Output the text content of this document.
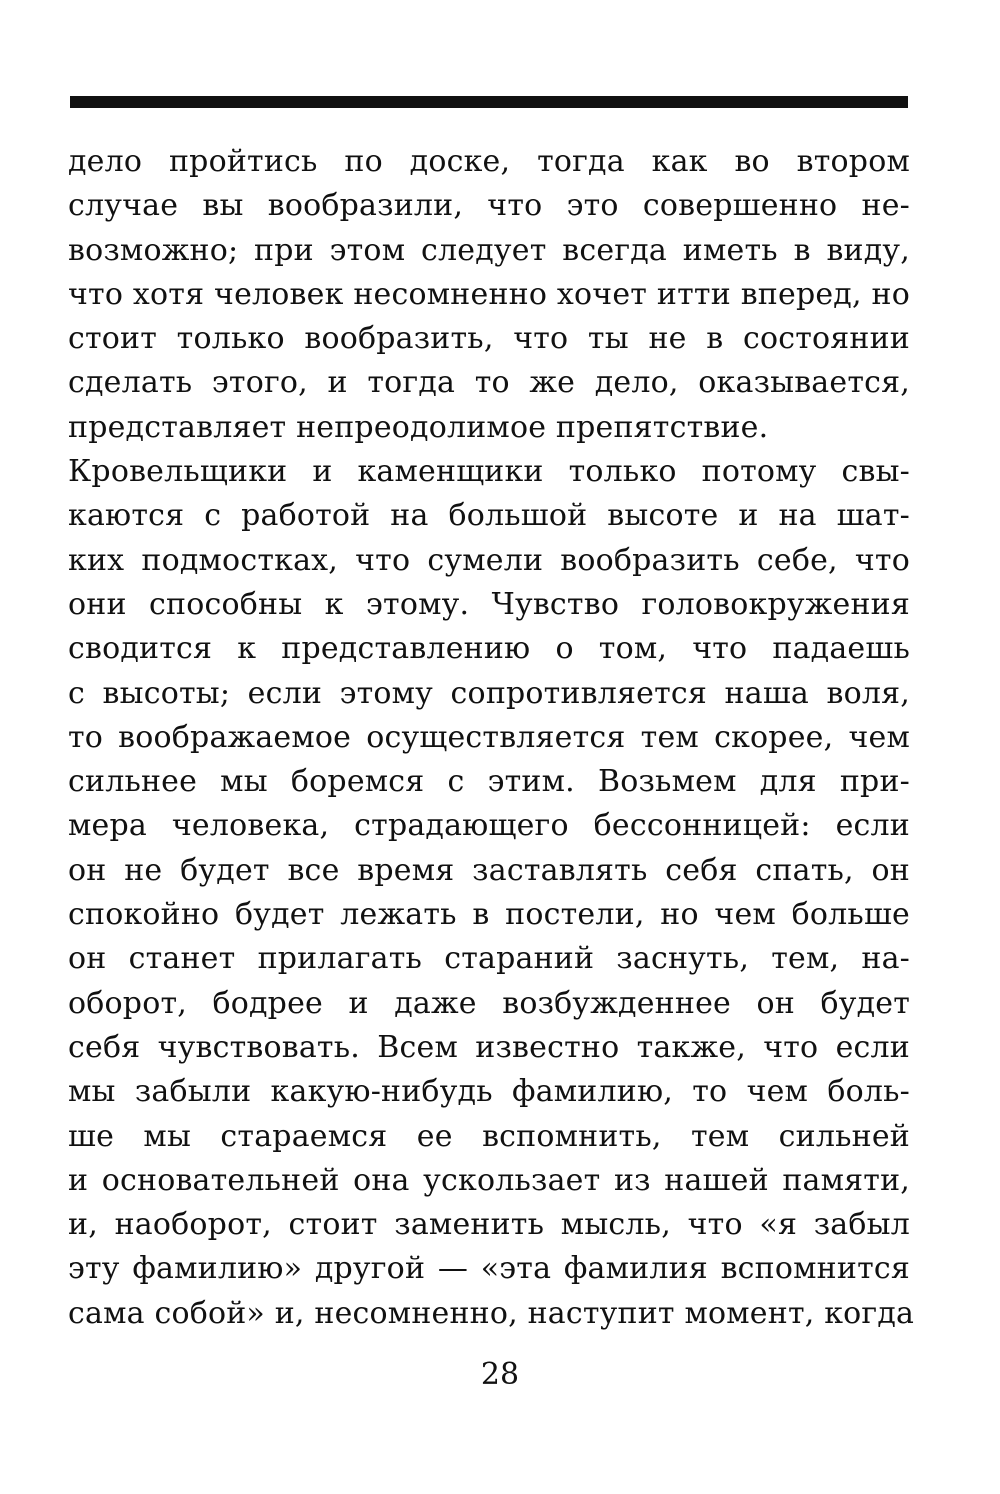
дело пройтись по доске, тогда как во втором
случае вы вообразили, что это совершенно не-
возможно; при этом следует всегда иметь в виду,
что хотя человек несомненно хочет итти вперед, но
стоит только вообразить, что ты не в состоянии
сделать этого, и тогда то же дело, оказывается,
представляет непреодолимое препятствие.
Кровельщики и каменщики только потому свы-
каются с работой на большой высоте и на шат-
ких подмостках, что сумели вообразить себе, что
они способны к этому. Чувство головокружения
сводится к представлению о том, что падаешь
с высоты; если этому сопротивляется наша воля,
то воображаемое осуществляется тем скорее, чем
сильнее мы боремся с этим. Возьмем для при-
мера человека, страдающего бессонницей: если
он не будет все время заставлять себя спать, он
спокойно будет лежать в постели, но чем больше
он станет прилагать стараний заснуть, тем, на-
оборот, бодрее и даже возбужденнее он будет
себя чувствовать. Всем известно также, что если
мы забыли какую-нибудь фамилию, то чем боль-
ше мы стараемся ее вспомнить, тем сильней
и основательней она ускользает из нашей памяти,
и, наоборот, стоит заменить мысль, что «я забыл
эту фамилию» другой — «эта фамилия вспомнится
сама собой» и, несомненно, наступит момент, когда
28
